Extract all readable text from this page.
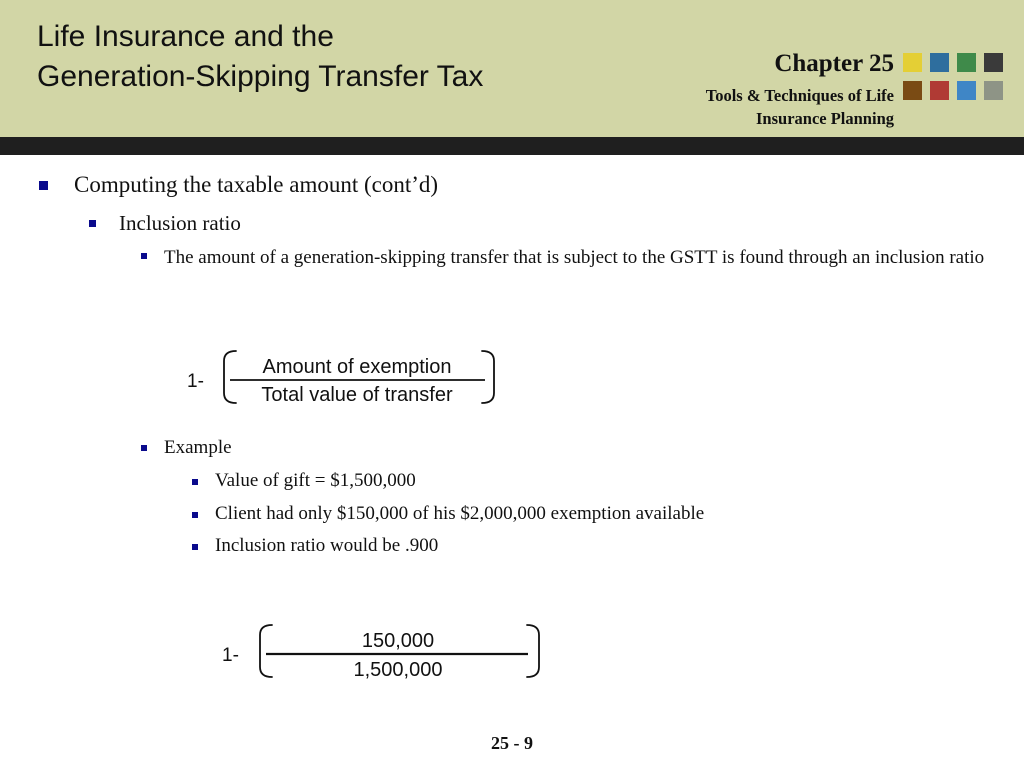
Life Insurance and the
Generation-Skipping Transfer Tax	Chapter 25
Tools & Techniques of Life Insurance Planning
Computing the taxable amount (cont’d)
Inclusion ratio
The amount of a generation-skipping transfer that is subject to the GSTT is found through an inclusion ratio
1-
Amount of exemption
Total value of transfer
Example
Value of gift = $1,500,000
Client had only $150,000 of his $2,000,000 exemption available
Inclusion ratio would be .900
1-
150,000
1,500,000
25 - 9
